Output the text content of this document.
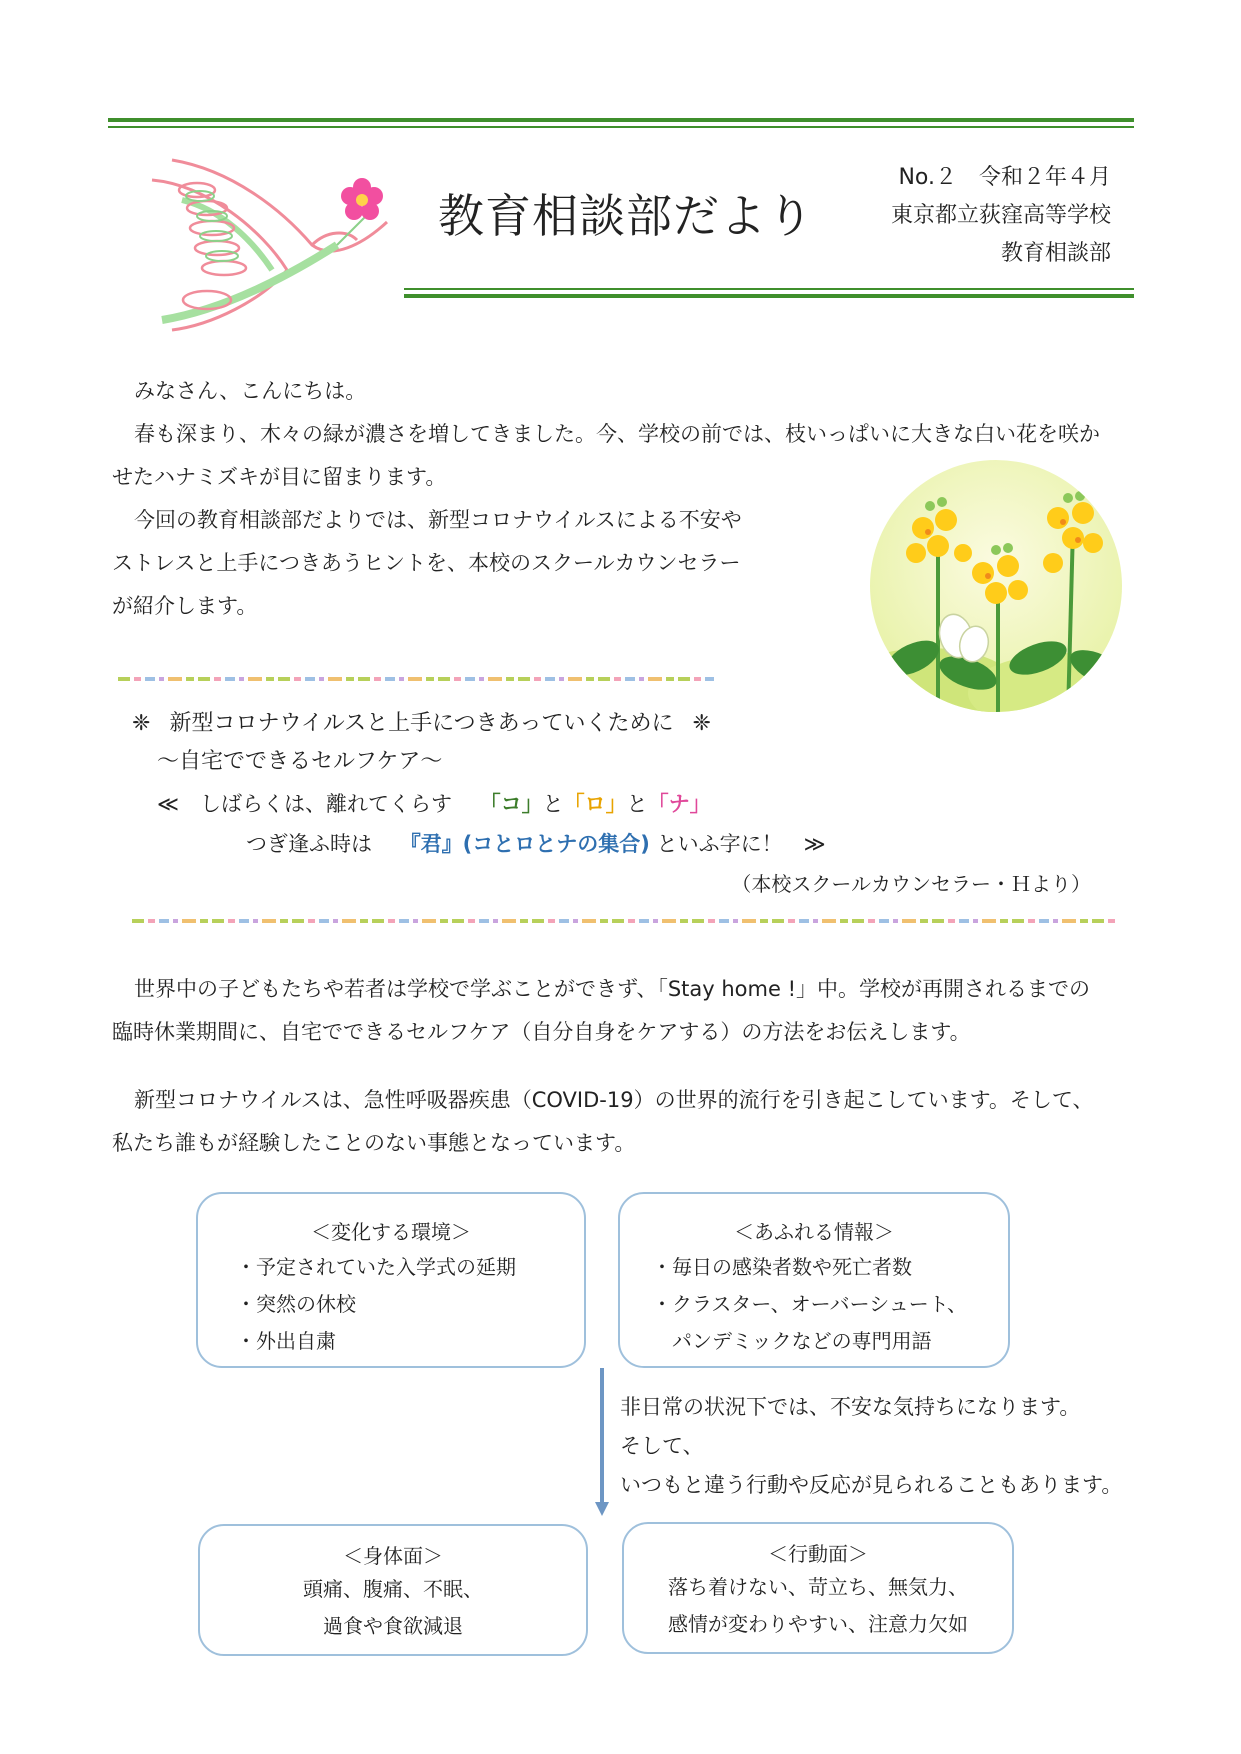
教育相談部だより
No.２　令和２年４月
東京都立荻窪高等学校
教育相談部
みなさん、こんにちは。
春も深まり、木々の緑が濃さを増してきました。今、学校の前では、枝いっぱいに大きな白い花を咲か
せたハナミズキが目に留まります。
今回の教育相談部だよりでは、新型コロナウイルスによる不安や
ストレスと上手につきあうヒントを、本校のスクールカウンセラー
が紹介します。
❈ 新型コロナウイルスと上手につきあっていくために ❈
～自宅でできるセルフケア～
≪　しばらくは、離れてくらす　 「コ」と「ロ」と「ナ」
つぎ逢ふ時は　 『君』(コとロとナの集合) といふ字に！　≫
（本校スクールカウンセラー・Ｈより）
世界中の子どもたちや若者は学校で学ぶことができず、「Stay home !」中。学校が再開されるまでの
臨時休業期間に、自宅でできるセルフケア（自分自身をケアする）の方法をお伝えします。
新型コロナウイルスは、急性呼吸器疾患（COVID-19）の世界的流行を引き起こしています。そして、
私たち誰もが経験したことのない事態となっています。
＜変化する環境＞
・予定されていた入学式の延期
・突然の休校
・外出自粛
＜あふれる情報＞
・毎日の感染者数や死亡者数
・クラスター、オーバーシュート、
　パンデミックなどの専門用語
非日常の状況下では、不安な気持ちになります。
そして、
いつもと違う行動や反応が見られることもあります。
＜身体面＞
頭痛、腹痛、不眠、
過食や食欲減退
＜行動面＞
落ち着けない、苛立ち、無気力、
感情が変わりやすい、注意力欠如
